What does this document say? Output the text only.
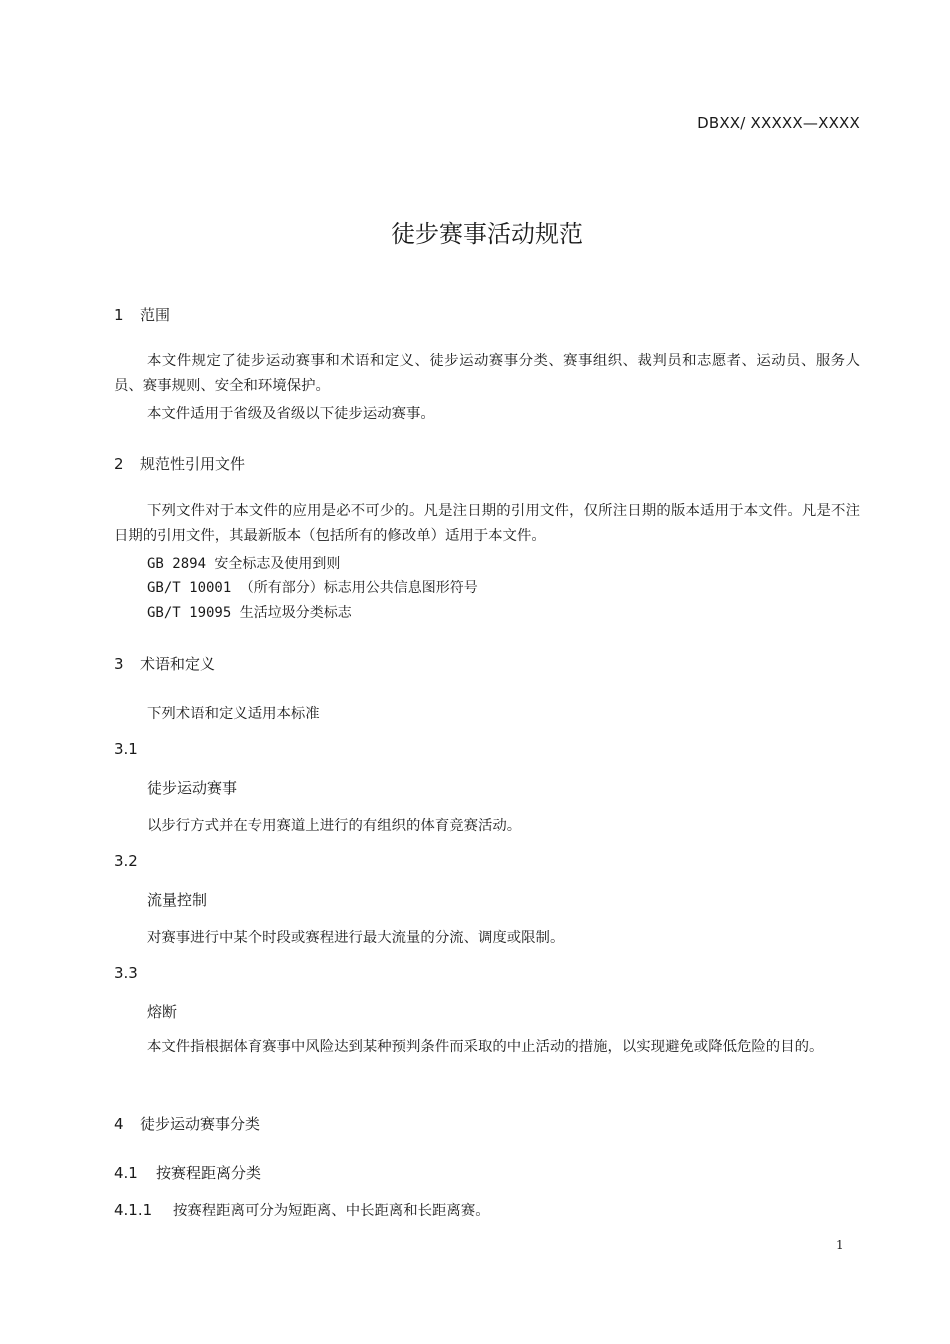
DBXX/ XXXXX—XXXX
徒步赛事活动规范
1 范围
本文件规定了徒步运动赛事和术语和定义、徒步运动赛事分类、赛事组织、裁判员和志愿者、运动员、服务人员、赛事规则、安全和环境保护。
本文件适用于省级及省级以下徒步运动赛事。
2 规范性引用文件
下列文件对于本文件的应用是必不可少的。凡是注日期的引用文件，仅所注日期的版本适用于本文件。凡是不注日期的引用文件，其最新版本（包括所有的修改单）适用于本文件。
GB 2894 安全标志及使用到则
GB/T 10001 （所有部分）标志用公共信息图形符号
GB/T 19095 生活垃圾分类标志
3 术语和定义
下列术语和定义适用本标准
3.1
徒步运动赛事
以步行方式并在专用赛道上进行的有组织的体育竞赛活动。
3.2
流量控制
对赛事进行中某个时段或赛程进行最大流量的分流、调度或限制。
3.3
熔断
本文件指根据体育赛事中风险达到某种预判条件而采取的中止活动的措施，以实现避免或降低危险的目的。
4 徒步运动赛事分类
4.1 按赛程距离分类
4.1.1 按赛程距离可分为短距离、中长距离和长距离赛。
1
